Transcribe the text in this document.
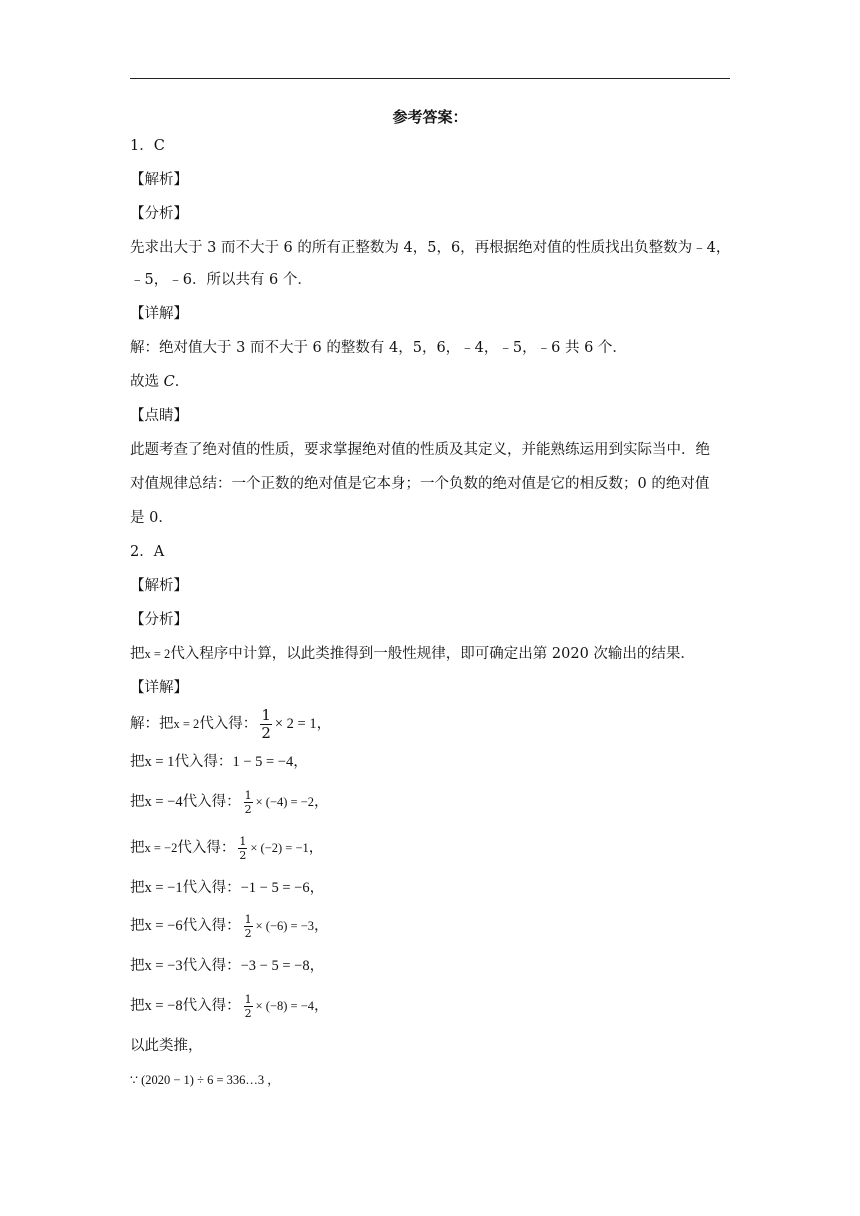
参考答案：
1．C
【解析】
【分析】
先求出大于 3 而不大于 6 的所有正整数为 4，5，6，再根据绝对值的性质找出负整数为﹣4，
﹣5，﹣6．所以共有 6 个．
【详解】
解：绝对值大于 3 而不大于 6 的整数有 4，5，6，﹣4，﹣5，﹣6 共 6 个．
故选 C．
【点睛】
此题考查了绝对值的性质，要求掌握绝对值的性质及其定义，并能熟练运用到实际当中．绝
对值规律总结：一个正数的绝对值是它本身；一个负数的绝对值是它的相反数；0 的绝对值
是 0．
2．A
【解析】
【分析】
把x = 2代入程序中计算，以此类推得到一般性规律，即可确定出第 2020 次输出的结果．
【详解】
解：把 x = 2 代入得： $\frac{1}{2} \times 2 = 1$ ，
把x = 1代入得：1 − 5 = −4，
把 x = −4 代入得： $\frac{1}{2} \times (-4) = -2$ ，
把 x = −2 代入得： $\frac{1}{2} \times (-2) = -1$ ，
把x = −1代入得：−1 − 5 = −6，
把 x = −6 代入得： $\frac{1}{2} \times (-6) = -3$ ，
把x = −3代入得：−3 − 5 = −8，
把 x = −8 代入得： $\frac{1}{2} \times (-8) = -4$ ，
以此类推，
∵ (2020 − 1) ÷ 6 = 336…3 ，
